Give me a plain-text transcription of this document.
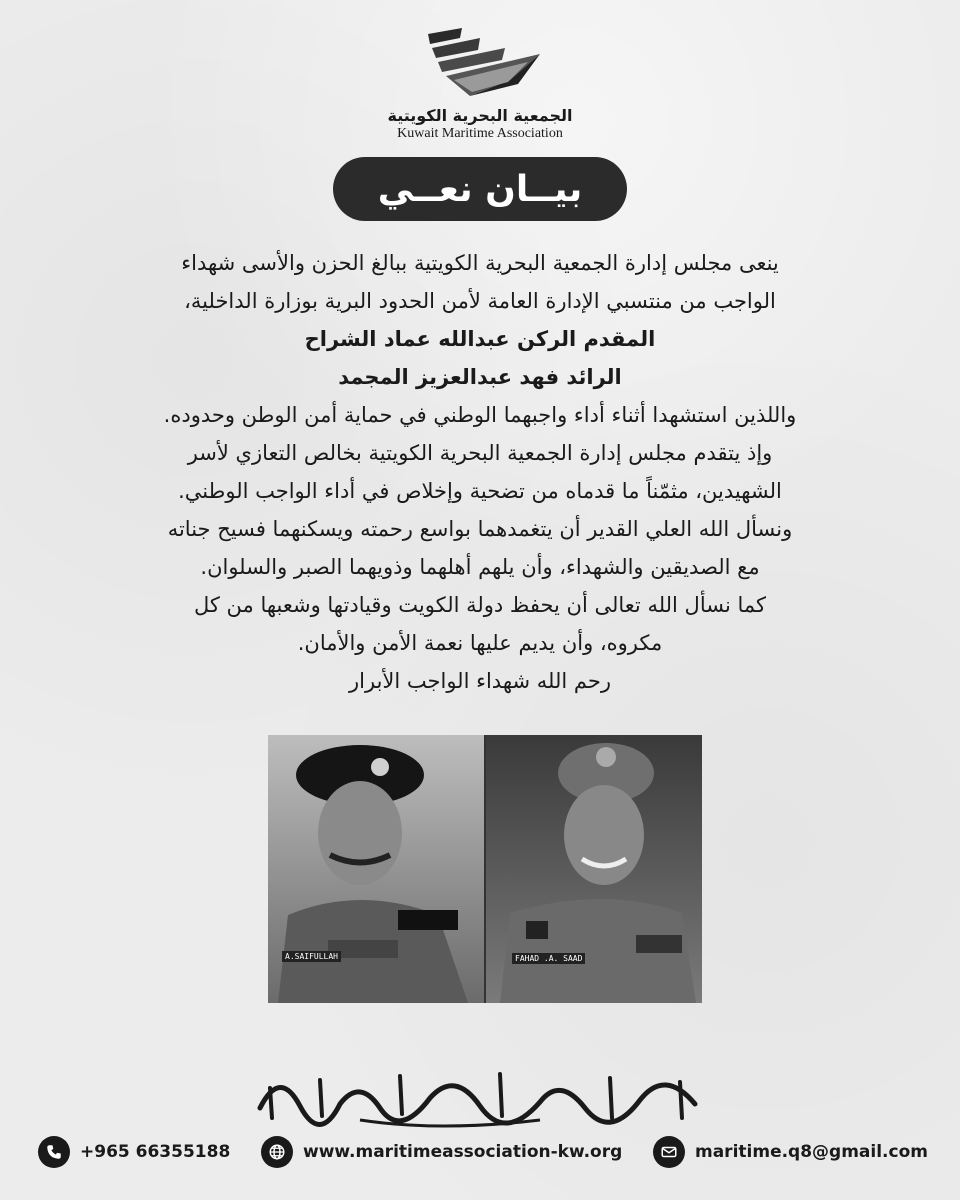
الجمعية البحرية الكويتية
Kuwait Maritime Association
بيــان نعــي

ينعى مجلس إدارة الجمعية البحرية الكويتية ببالغ الحزن والأسى شهداء

الواجب من منتسبي الإدارة العامة لأمن الحدود البرية بوزارة الداخلية،

المقدم الركن عبدالله عماد الشراح

الرائد فهد عبدالعزيز المجمد

واللذين استشهدا أثناء أداء واجبهما الوطني في حماية أمن الوطن وحدوده.

وإذ يتقدم مجلس إدارة الجمعية البحرية الكويتية بخالص التعازي لأسر

الشهيدين، مثمّناً ما قدماه من تضحية وإخلاص في أداء الواجب الوطني.

ونسأل الله العلي القدير أن يتغمدهما بواسع رحمته ويسكنهما فسيح جناته

مع الصديقين والشهداء، وأن يلهم أهلهما وذويهما الصبر والسلوان.

كما نسأل الله تعالى أن يحفظ دولة الكويت وقيادتها وشعبها من كل

مكروه، وأن يديم عليها نعمة الأمن والأمان.

رحم الله شهداء الواجب الأبرار

A.SAIFULLAH	FAHAD .A. SAAD
+965 66355188	www.maritimeassociation-kw.org	maritime.q8@gmail.com
